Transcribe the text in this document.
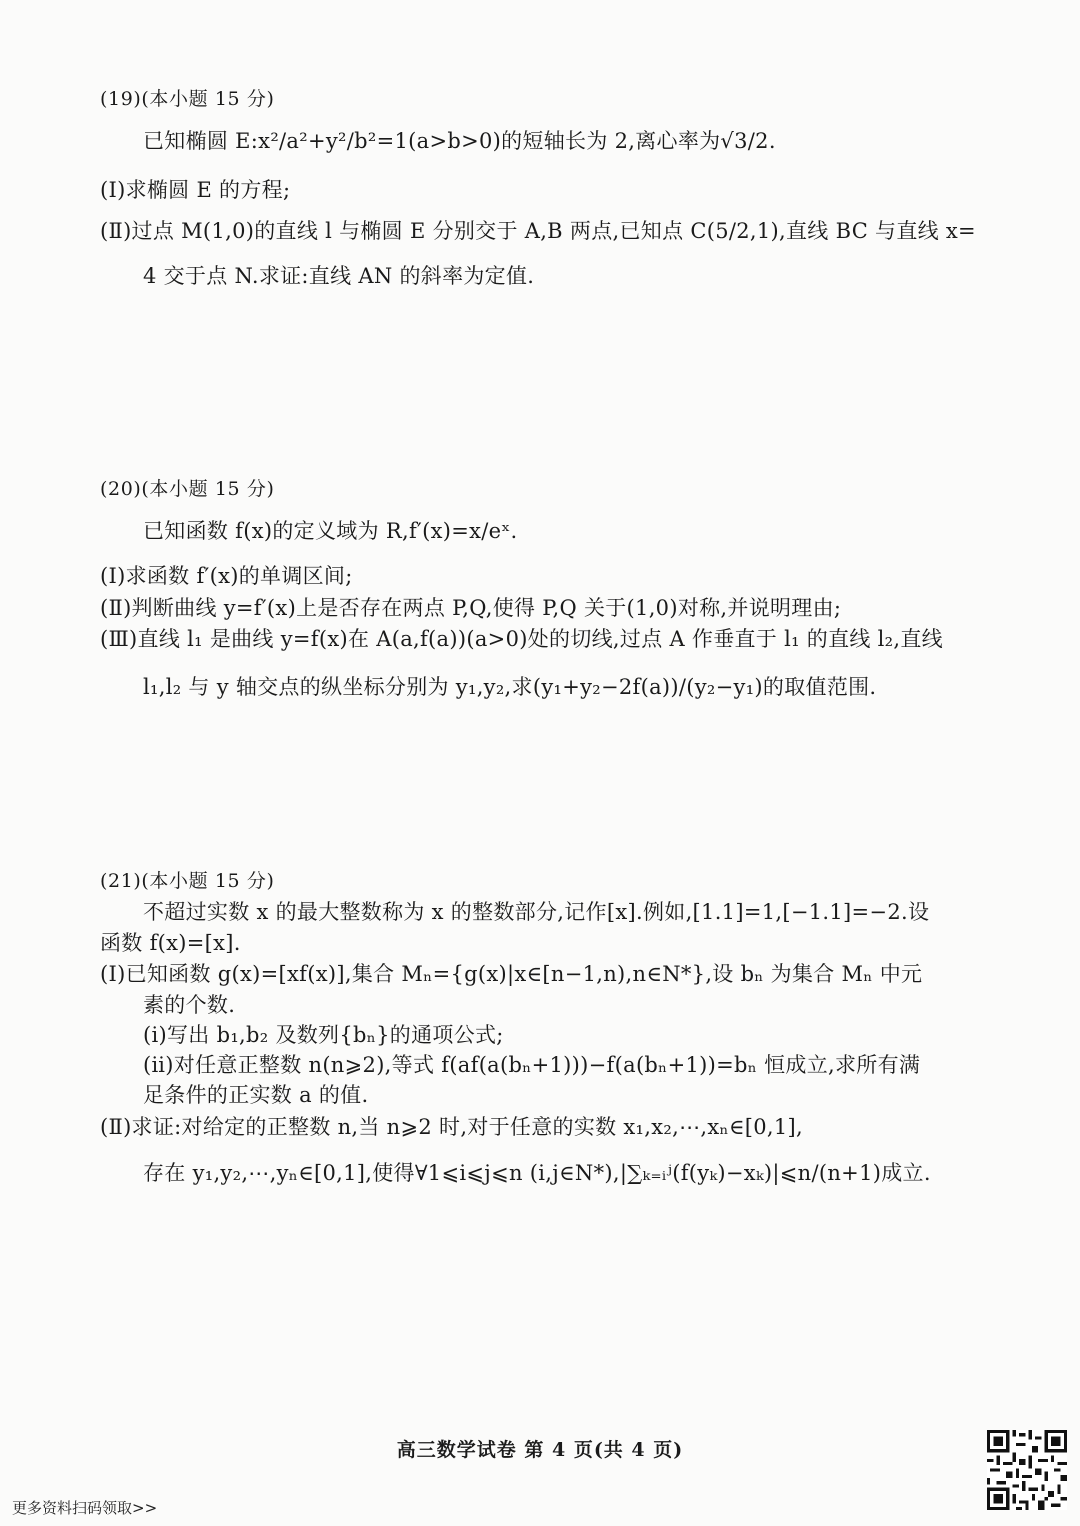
(19)(本小题 15 分)
已知椭圆 E:x²/a²+y²/b²=1(a>b>0)的短轴长为 2,离心率为√3/2.
(Ⅰ)求椭圆 E 的方程;
(Ⅱ)过点 M(1,0)的直线 l 与椭圆 E 分别交于 A,B 两点,已知点 C(5/2,1),直线 BC 与直线 x=
4 交于点 N.求证:直线 AN 的斜率为定值.
(20)(本小题 15 分)
已知函数 f(x)的定义域为 R,f′(x)=x/eˣ.
(Ⅰ)求函数 f′(x)的单调区间;
(Ⅱ)判断曲线 y=f′(x)上是否存在两点 P,Q,使得 P,Q 关于(1,0)对称,并说明理由;
(Ⅲ)直线 l₁ 是曲线 y=f(x)在 A(a,f(a))(a>0)处的切线,过点 A 作垂直于 l₁ 的直线 l₂,直线
l₁,l₂ 与 y 轴交点的纵坐标分别为 y₁,y₂,求(y₁+y₂−2f(a))/(y₂−y₁)的取值范围.
(21)(本小题 15 分)
不超过实数 x 的最大整数称为 x 的整数部分,记作[x].例如,[1.1]=1,[−1.1]=−2.设
函数 f(x)=[x].
(Ⅰ)已知函数 g(x)=[xf(x)],集合 Mₙ={g(x)|x∈[n−1,n),n∈N*},设 bₙ 为集合 Mₙ 中元
素的个数.
(ⅰ)写出 b₁,b₂ 及数列{bₙ}的通项公式;
(ⅱ)对任意正整数 n(n⩾2),等式 f(af(a(bₙ+1)))−f(a(bₙ+1))=bₙ 恒成立,求所有满
足条件的正实数 a 的值.
(Ⅱ)求证:对给定的正整数 n,当 n⩾2 时,对于任意的实数 x₁,x₂,⋯,xₙ∈[0,1],
存在 y₁,y₂,⋯,yₙ∈[0,1],使得∀1⩽i⩽j⩽n (i,j∈N*),|∑ₖ₌ᵢʲ(f(yₖ)−xₖ)|⩽n/(n+1)成立.
高三数学试卷 第 4 页(共 4 页)
更多资料扫码领取>>
